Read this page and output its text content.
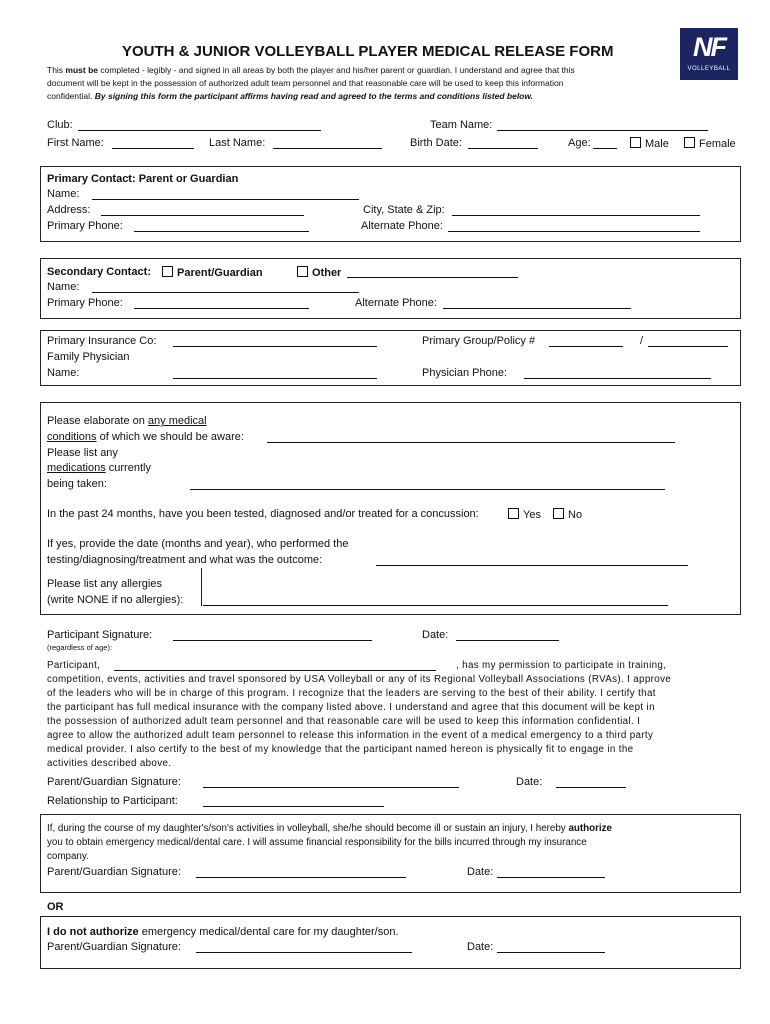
YOUTH & JUNIOR VOLLEYBALL PLAYER MEDICAL RELEASE FORM
This must be completed - legibly - and signed in all areas by both the player and his/her parent or guardian. I understand and agree that this
document will be kept in the possession of authorized adult team personnel and that reasonable care will be used to keep this information
confidential. By signing this form the participant affirms having read and agreed to the terms and conditions listed below.
NF
VOLLEYBALL
Club:	Team Name:
First Name:	Last Name:	Birth Date:	Age:	Male	Female
Primary Contact: Parent or Guardian
Name:
Address:	City, State & Zip:
Primary Phone:	Alternate Phone:
Secondary Contact:	Parent/Guardian	Other
Name:
Primary Phone:	Alternate Phone:
Primary Insurance Co:	Primary Group/Policy #	/
Family Physician
Name:	Physician Phone:
Please elaborate on any medical
conditions of which we should be aware:
Please list any
medications currently
being taken:
In the past 24 months, have you been tested, diagnosed and/or treated for a concussion:	Yes	No
If yes, provide the date (months and year), who performed the
testing/diagnosing/treatment and what was the outcome:
Please list any allergies
(write NONE if no allergies):
Participant Signature:	Date:
(regardless of age):
Participant,	, has my permission to participate in training,
competition, events, activities and travel sponsored by USA Volleyball or any of its Regional Volleyball Associations (RVAs). I approve
of the leaders who will be in charge of this program. I recognize that the leaders are serving to the best of their ability. I certify that
the participant has full medical insurance with the company listed above. I understand and agree that this document will be kept in
the possession of authorized adult team personnel and that reasonable care will be used to keep this information confidential. I
agree to allow the authorized adult team personnel to release this information in the event of a medical emergency to a third party
medical provider. I also certify to the best of my knowledge that the participant named hereon is physically fit to engage in the
activities described above.
Parent/Guardian Signature:	Date:
Relationship to Participant:
If, during the course of my daughter's/son's activities in volleyball, she/he should become ill or sustain an injury, I hereby authorize
you to obtain emergency medical/dental care. I will assume financial responsibility for the bills incurred through my insurance
company.
Parent/Guardian Signature:	Date:
OR
I do not authorize emergency medical/dental care for my daughter/son.
Parent/Guardian Signature:	Date:
